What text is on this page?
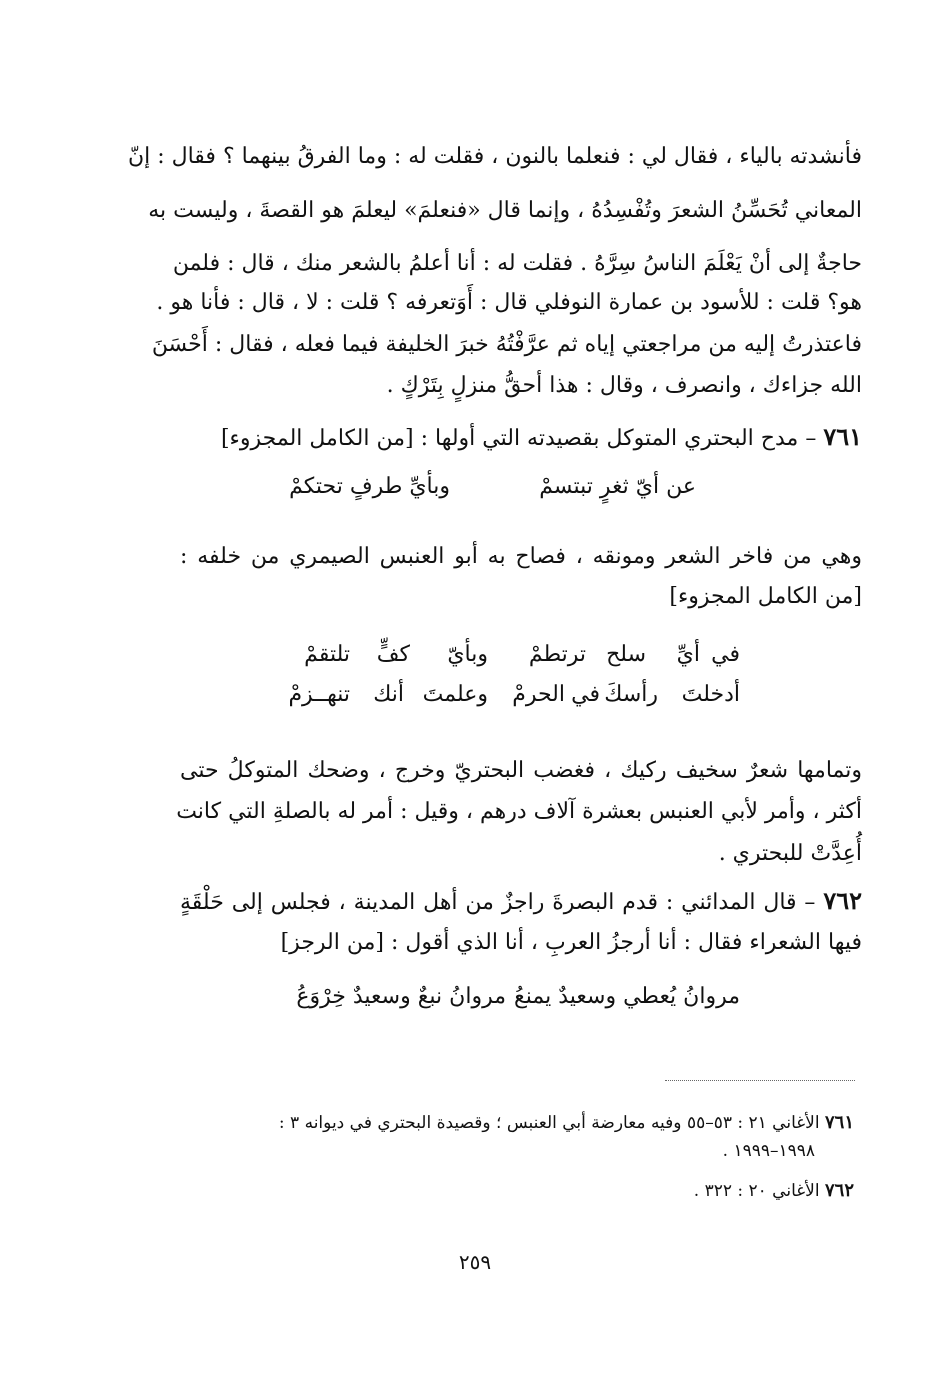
فأنشدته بالياء ، فقال لي : فنعلما بالنون ، فقلت له : وما الفرقُ بينهما ؟ فقال : إنّ
المعاني تُحَسِّنُ الشعرَ وتُفْسِدُهُ ، وإنما قال «فنعلمَ» ليعلمَ هو القصةَ ، وليست به
حاجةٌ إلى أنْ يَعْلَمَ الناسُ سِرَّهُ . فقلت له : أنا أعلمُ بالشعر منك ، قال : فلمن
هو؟ قلت : للأسود بن عمارة النوفلي قال : أَوَتعرفه ؟ قلت : لا ، قال : فأنا هو .
فاعتذرتُ إليه من مراجعتي إياه ثم عرَّفْتُهُ خبرَ الخليفة فيما فعله ، فقال : أَحْسَنَ
الله جزاءك ، وانصرف ، وقال : هذا أحقُّ منزلٍ بِتَرْكٍ .
٧٦١ – مدح البحتري المتوكل بقصيدته التي أولها : [من الكامل المجزوء]
عن أيّ ثغرٍ تبتسمْ
وبأيِّ طرفٍ تحتكمْ
وهي من فاخر الشعر ومونقه ، فصاح به أبو العنبس الصيمري من خلفه :
[من الكامل المجزوء]
في
أيِّ
سلح
ترتطمْ
وبأيّ
كفٍّ
تلتقمْ
أدخلتَ
رأسكَ
في
الحرمْ
وعلمتَ
أنك
تنهــزمْ
وتمامها شعرٌ سخيف ركيك ، فغضب البحتريّ وخرج ، وضحك المتوكلُ حتى
أكثر ، وأمر لأبي العنبس بعشرة آلاف درهم ، وقيل : أمر له بالصلةِ التي كانت
أُعِدَّتْ للبحتري .
٧٦٢ – قال المدائني : قدم البصرةَ راجزٌ من أهل المدينة ، فجلس إلى حَلْقَةٍ
فيها الشعراء فقال : أنا أرجزُ العربِ ، أنا الذي أقول : [من الرجز]
مروانُ يُعطي وسعيدٌ يمنعُ
مروانُ نبعٌ وسعيدٌ خِرْوَعُ
٧٦١ الأغاني ٢١ : ٥٣–٥٥ وفيه معارضة أبي العنبس ؛ وقصيدة البحتري في ديوانه ٣ :
١٩٩٨–١٩٩٩ .
٧٦٢ الأغاني ٢٠ : ٣٢٢ .
٢٥٩
